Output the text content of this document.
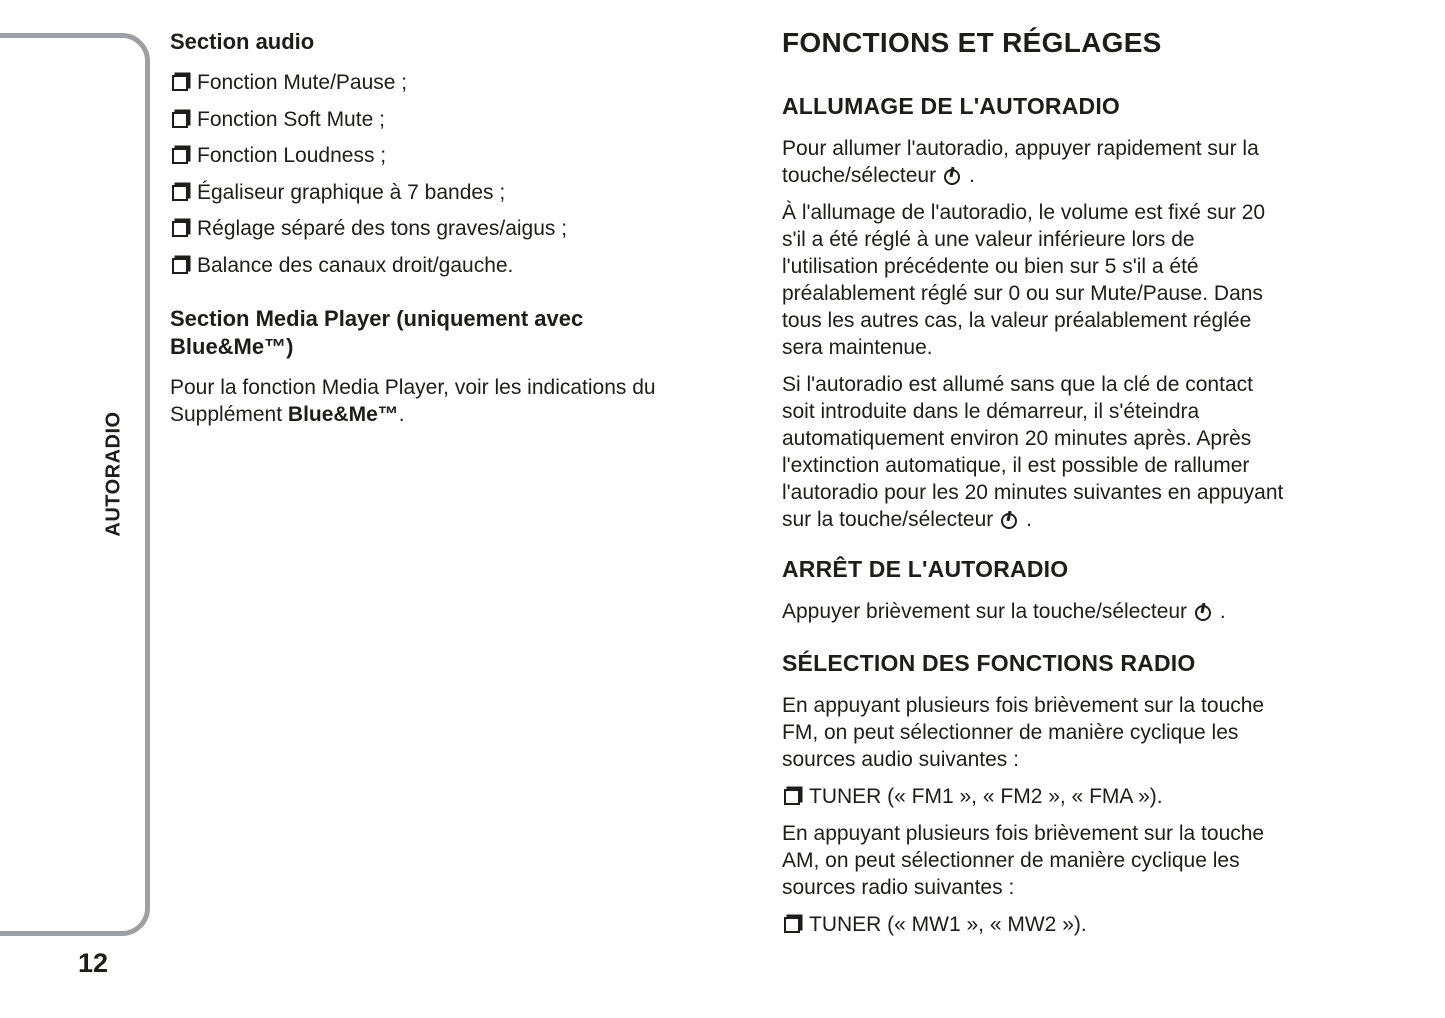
AUTORADIO
12
Section audio
Fonction Mute/Pause ;
Fonction Soft Mute ;
Fonction Loudness ;
Égaliseur graphique à 7 bandes ;
Réglage séparé des tons graves/aigus ;
Balance des canaux droit/gauche.
Section Media Player (uniquement avec
Blue&Me™)
Pour la fonction Media Player, voir les indications du
Supplément Blue&Me™.
FONCTIONS ET RÉGLAGES
ALLUMAGE DE L'AUTORADIO
Pour allumer l'autoradio, appuyer rapidement sur la
touche/sélecteur .
À l'allumage de l'autoradio, le volume est fixé sur 20
s'il a été réglé à une valeur inférieure lors de
l'utilisation précédente ou bien sur 5 s'il a été
préalablement réglé sur 0 ou sur Mute/Pause. Dans
tous les autres cas, la valeur préalablement réglée
sera maintenue.
Si l'autoradio est allumé sans que la clé de contact
soit introduite dans le démarreur, il s'éteindra
automatiquement environ 20 minutes après. Après
l'extinction automatique, il est possible de rallumer
l'autoradio pour les 20 minutes suivantes en appuyant
sur la touche/sélecteur .
ARRÊT DE L'AUTORADIO
Appuyer brièvement sur la touche/sélecteur .
SÉLECTION DES FONCTIONS RADIO
En appuyant plusieurs fois brièvement sur la touche
FM, on peut sélectionner de manière cyclique les
sources audio suivantes :
TUNER (« FM1 », « FM2 », « FMA »).
En appuyant plusieurs fois brièvement sur la touche
AM, on peut sélectionner de manière cyclique les
sources radio suivantes :
TUNER (« MW1 », « MW2 »).
